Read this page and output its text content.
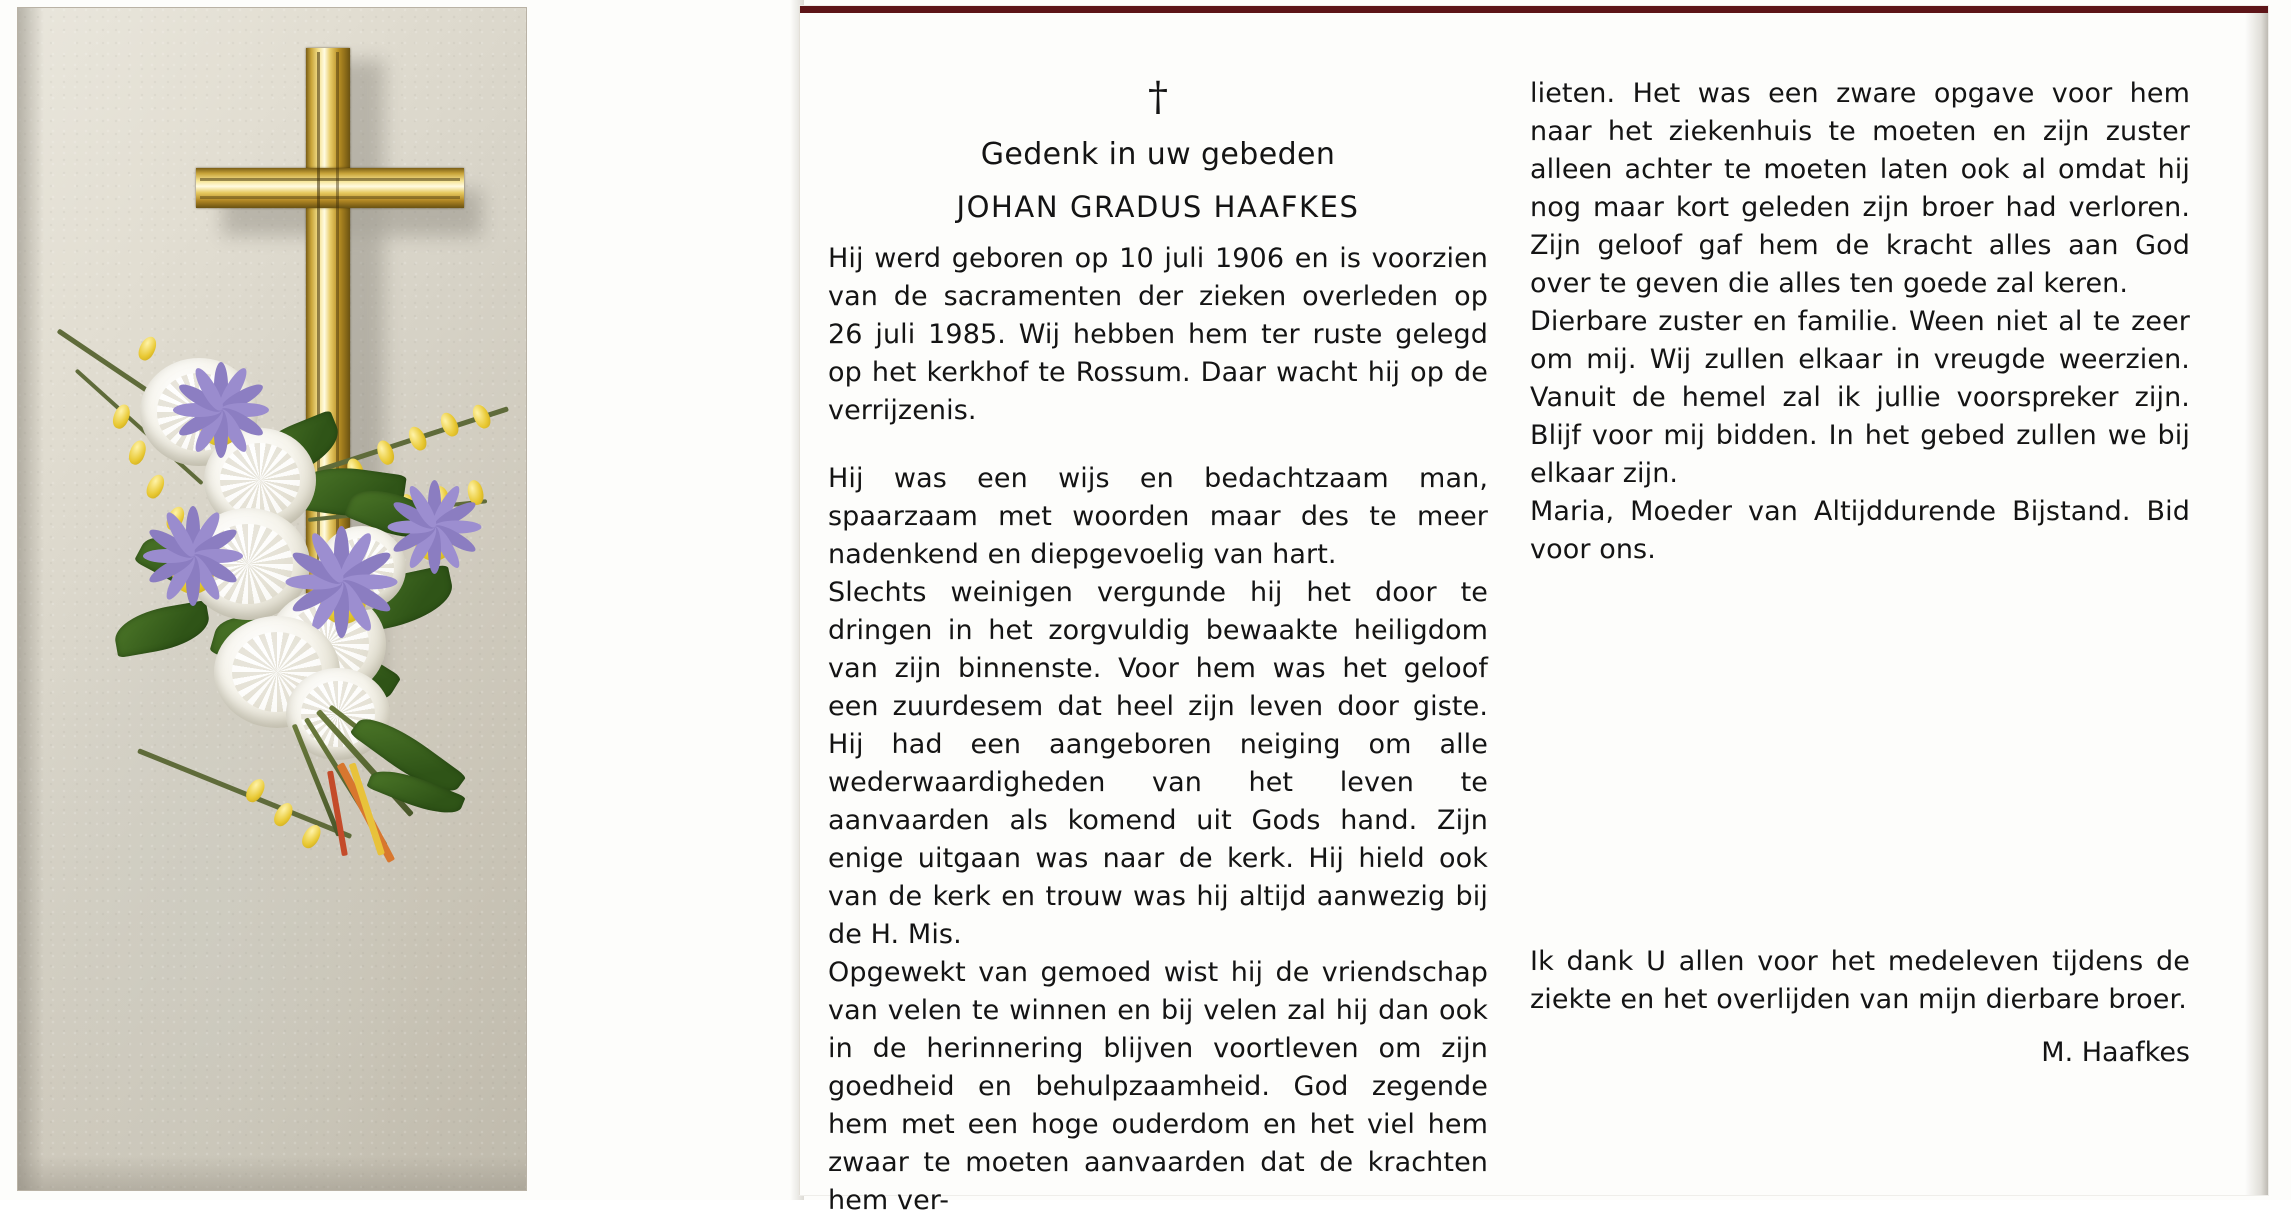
†
Gedenk in uw gebeden
JOHAN GRADUS HAAFKES

Hij werd geboren op 10 juli 1906 en is voorzien van de sacramenten der zieken overleden op 26 juli 1985. Wij hebben hem ter ruste gelegd op het kerkhof te Rossum. Daar wacht hij op de verrijzenis.

Hij was een wijs en bedachtzaam man, spaarzaam met woorden maar des te meer nadenkend en diepgevoelig van hart.

Slechts weinigen vergunde hij het door te dringen in het zorgvuldig bewaakte heiligdom van zijn binnenste. Voor hem was het geloof een zuurdesem dat heel zijn leven door giste. Hij had een aangeboren neiging om alle wederwaardigheden van het leven te aanvaarden als komend uit Gods hand. Zijn enige uitgaan was naar de kerk. Hij hield ook van de kerk en trouw was hij altijd aanwezig bij de H. Mis.

Opgewekt van gemoed wist hij de vriendschap van velen te winnen en bij velen zal hij dan ook in de herinnering blijven voortleven om zijn goedheid en behulpzaamheid. God zegende hem met een hoge ouderdom en het viel hem zwaar te moeten aanvaarden dat de krachten hem ver-

lieten. Het was een zware opgave voor hem naar het ziekenhuis te moeten en zijn zuster alleen achter te moeten laten ook al omdat hij nog maar kort geleden zijn broer had verloren. Zijn geloof gaf hem de kracht alles aan God over te geven die alles ten goede zal keren.

Dierbare zuster en familie. Ween niet al te zeer om mij. Wij zullen elkaar in vreugde weerzien. Vanuit de hemel zal ik jullie voorspreker zijn. Blijf voor mij bidden. In het gebed zullen we bij elkaar zijn.

Maria, Moeder van Altijddurende Bijstand. Bid voor ons.

Ik dank U allen voor het medeleven tijdens de ziekte en het overlijden van mijn dierbare broer.

M. Haafkes
